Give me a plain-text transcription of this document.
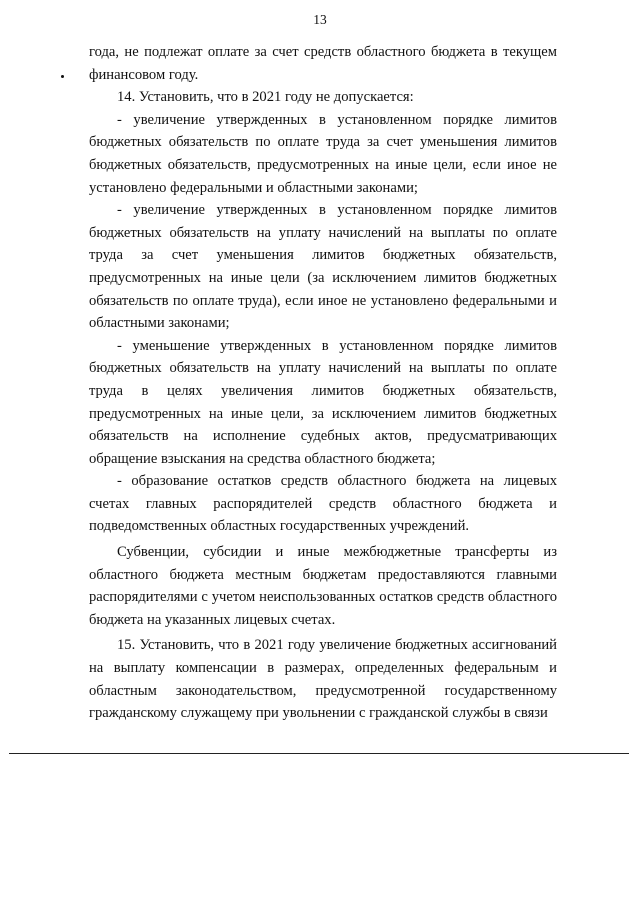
13

года, не подлежат оплате за счет средств областного бюджета в текущем финансовом году.

14. Установить, что в 2021 году не допускается:

- увеличение утвержденных в установленном порядке лимитов бюджетных обязательств по оплате труда за счет уменьшения лимитов бюджетных обязательств, предусмотренных на иные цели, если иное не установлено федеральными и областными законами;

- увеличение утвержденных в установленном порядке лимитов бюджетных обязательств на уплату начислений на выплаты по оплате труда за счет уменьшения лимитов бюджетных обязательств, предусмотренных на иные цели (за исключением лимитов бюджетных обязательств по оплате труда), если иное не установлено федеральными и областными законами;

- уменьшение утвержденных в установленном порядке лимитов бюджетных обязательств на уплату начислений на выплаты по оплате труда в целях увеличения лимитов бюджетных обязательств, предусмотренных на иные цели, за исключением лимитов бюджетных обязательств на исполнение судебных актов, предусматривающих обращение взыскания на средства областного бюджета;

- образование остатков средств областного бюджета на лицевых счетах главных распорядителей средств областного бюджета и подведомственных областных государственных учреждений.

Субвенции, субсидии и иные межбюджетные трансферты из областного бюджета местным бюджетам предоставляются главными распорядителями с учетом неиспользованных остатков средств областного бюджета на указанных лицевых счетах.

15. Установить, что в 2021 году увеличение бюджетных ассигнований на выплату компенсации в размерах, определенных федеральным и областным законодательством, предусмотренной государственному гражданскому служащему при увольнении с гражданской службы в связи
